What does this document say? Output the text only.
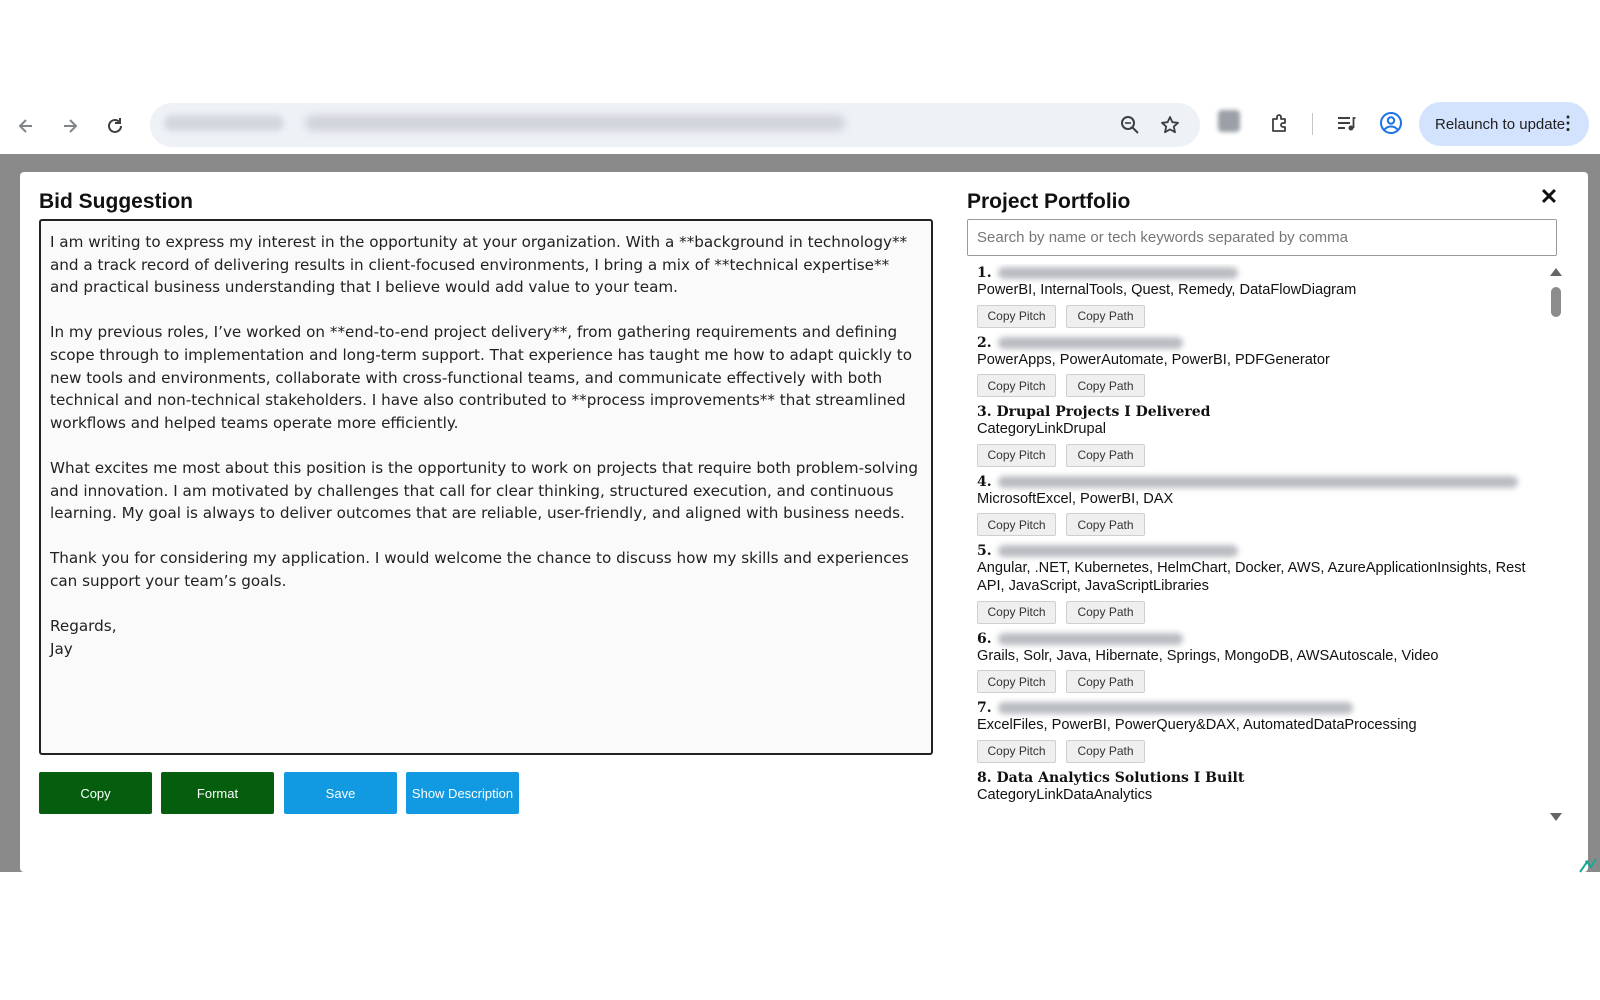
Relaunch to update
⋮
Bid Suggestion	Project Portfolio	✕

I am writing to express my interest in the opportunity at your organization. With a **background in technology** and a track record of delivering results in client-focused environments, I bring a mix of **technical expertise** and practical business understanding that I believe would add value to your team.

In my previous roles, I’ve worked on **end-to-end project delivery**, from gathering requirements and defining scope through to implementation and long-term support. That experience has taught me how to adapt quickly to new tools and environments, collaborate with cross-functional teams, and communicate effectively with both technical and non-technical stakeholders. I have also contributed to **process improvements** that streamlined workflows and helped teams operate more efficiently.

What excites me most about this position is the opportunity to work on projects that require both problem-solving and innovation. I am motivated by challenges that call for clear thinking, structured execution, and continuous learning. My goal is always to deliver outcomes that are reliable, user-friendly, and aligned with business needs.

Thank you for considering my application. I would welcome the chance to discuss how my skills and experiences can support your team’s goals.

Regards,

Jay

Copy	Format	Save	Show Description
Search by name or tech keywords separated by comma
1.
PowerBI, InternalTools, Quest, Remedy, DataFlowDiagram
Copy Pitch	Copy Path
2.
PowerApps, PowerAutomate, PowerBI, PDFGenerator
Copy Pitch	Copy Path
3.
Drupal Projects I Delivered
CategoryLinkDrupal
Copy Pitch	Copy Path
4.
MicrosoftExcel, PowerBI, DAX
Copy Pitch	Copy Path
5.
Angular, .NET, Kubernetes, HelmChart, Docker, AWS, AzureApplicationInsights, Rest API, JavaScript, JavaScriptLibraries
Copy Pitch	Copy Path
6.
Grails, Solr, Java, Hibernate, Springs, MongoDB, AWSAutoscale, Video
Copy Pitch	Copy Path
7.
ExcelFiles, PowerBI, PowerQuery&DAX, AutomatedDataProcessing
Copy Pitch	Copy Path
8.
Data Analytics Solutions I Built
CategoryLinkDataAnalytics
